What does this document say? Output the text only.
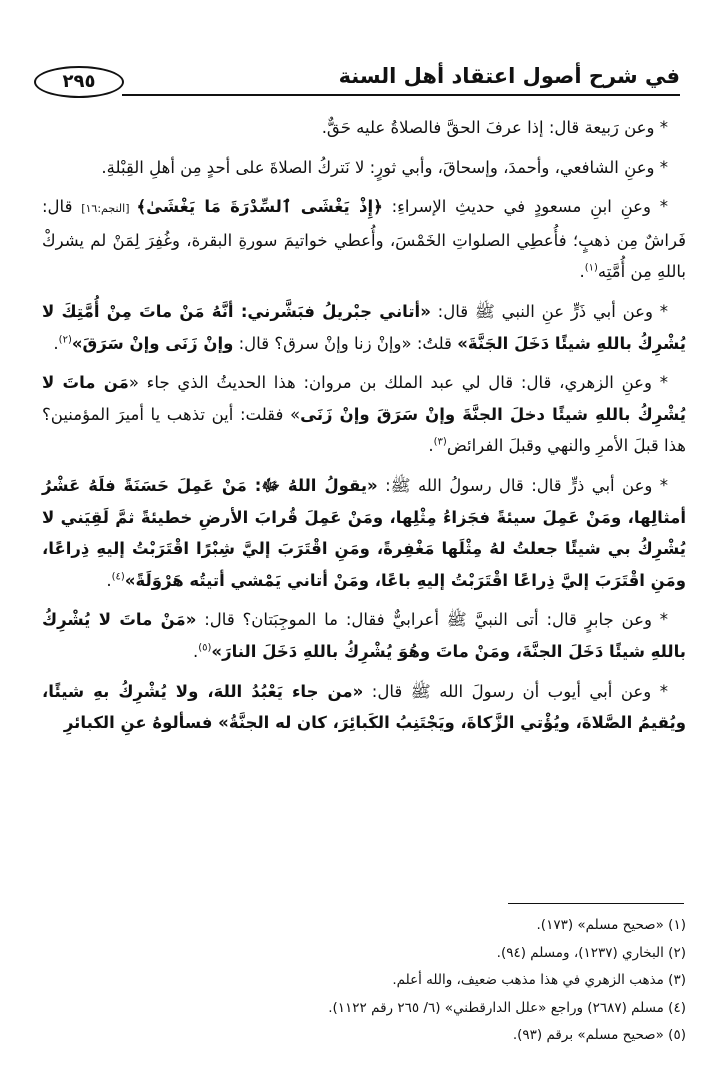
في شرح أصول اعتقاد أهل السنة
٢٩٥

* وعن رَبيعة قال: إذا عرفَ الحقَّ فالصلاةُ عليه حَقٌّ.

* وعنِ الشافعي، وأحمدَ، وإسحاقَ، وأبي ثورٍ: لا نَتركُ الصلاةَ على أحدٍ مِن أهلِ القِبْلةِ.

* وعنِ ابنِ مسعودٍ في حديثِ الإسراءِ: ﴿إِذْ يَغْشَى ٱلسِّدْرَةَ مَا يَغْشَىٰ﴾ [النجم:١٦] قال: فَراشٌ مِن ذهبٍ؛ فأُعطِي الصلواتِ الخَمْسَ، وأُعطي خواتيمَ سورةِ البقرة، وغُفِرَ لِمَنْ لم يشركْ باللهِ مِن أُمَّتِه$^{(١)}$.

* وعن أبي ذَرٍّ عنِ النبي ﷺ قال: «أتاني جبْريلُ فبَشَّرني: أنَّهُ مَنْ ماتَ مِنْ أُمَّتِكَ لا يُشْرِكُ باللهِ شيئًا دَخَلَ الجَنَّةَ» قلتُ: «وإنْ زنا وإنْ سرق؟ قال: وإنْ زَنَى وإنْ سَرَقَ»$^{(٢)}$.

* وعنِ الزهري، قال: قال لي عبد الملك بن مروان: هذا الحديثُ الذي جاء «مَن ماتَ لا يُشْرِكُ باللهِ شيئًا دخلَ الجنَّةَ وإنْ سَرَقَ وإنْ زَنَى» فقلت: أين تذهب يا أميرَ المؤمنين؟ هذا قبلَ الأمرِ والنهي وقبلَ الفرائض$^{(٣)}$.

* وعن أبي ذرٍّ قال: قال رسولُ الله ﷺ: «يقولُ اللهُ ﷻ: مَنْ عَمِلَ حَسَنَةً فلَهُ عَشْرُ أمثالِها، ومَنْ عَمِلَ سيئةً فجَزاءُ مِثْلِها، ومَنْ عَمِلَ قُرابَ الأرضِ خطيئةً ثمَّ لَقِيَني لا يُشْرِكُ بي شيئًا جعلتُ لهُ مِثْلَها مَغْفِرةً، ومَنِ اقْتَرَبَ إليَّ شِبْرًا اقْتَرَبْتُ إليهِ ذِراعًا، ومَنِ اقْتَرَبَ إليَّ ذِراعًا اقْتَرَبْتُ إليهِ باعًا، ومَنْ أتاني يَمْشي أتيتُه هَرْوَلَةً»$^{(٤)}$.

* وعن جابرٍ قال: أتى النبيَّ ﷺ أعرابيٌّ فقال: ما الموجِبَتان؟ قال: «مَنْ ماتَ لا يُشْرِكُ باللهِ شيئًا دَخَلَ الجنَّةَ، ومَنْ ماتَ وهُوَ يُشْرِكُ باللهِ دَخَلَ النارَ»$^{(٥)}$.

* وعن أبي أيوب أن رسولَ الله ﷺ قال: «من جاء يَعْبُدُ اللهَ، ولا يُشْرِكُ بهِ شيئًا، ويُقيمُ الصَّلاةَ، ويُؤْتي الزَّكاةَ، ويَجْتَنِبُ الكَبائِرَ، كان له الجنَّةُ» فسألوهُ عنِ الكبائرِ

(١) «صحيح مسلم» (١٧٣).

(٢) البخاري (١٢٣٧)، ومسلم (٩٤).

(٣) مذهب الزهري في هذا مذهب ضعيف، والله أعلم.

(٤) مسلم (٢٦٨٧) وراجع «علل الدارقطني» (٦/ ٢٦٥ رقم ١١٢٢).

(٥) «صحيح مسلم» برقم (٩٣).
